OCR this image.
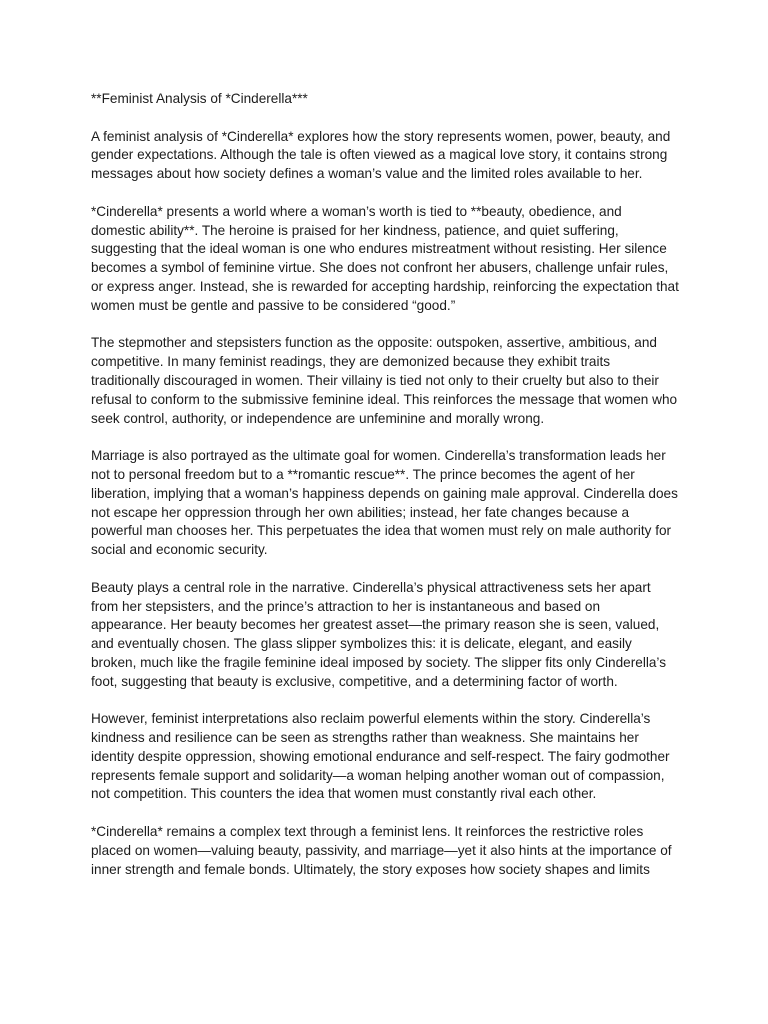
**Feminist Analysis of *Cinderella***

A feminist analysis of *Cinderella* explores how the story represents women, power, beauty, and gender expectations. Although the tale is often viewed as a magical love story, it contains strong messages about how society defines a woman’s value and the limited roles available to her.

*Cinderella* presents a world where a woman’s worth is tied to **beauty, obedience, and domestic ability**. The heroine is praised for her kindness, patience, and quiet suffering, suggesting that the ideal woman is one who endures mistreatment without resisting. Her silence becomes a symbol of feminine virtue. She does not confront her abusers, challenge unfair rules, or express anger. Instead, she is rewarded for accepting hardship, reinforcing the expectation that women must be gentle and passive to be considered “good.”

The stepmother and stepsisters function as the opposite: outspoken, assertive, ambitious, and competitive. In many feminist readings, they are demonized because they exhibit traits traditionally discouraged in women. Their villainy is tied not only to their cruelty but also to their refusal to conform to the submissive feminine ideal. This reinforces the message that women who seek control, authority, or independence are unfeminine and morally wrong.

Marriage is also portrayed as the ultimate goal for women. Cinderella’s transformation leads her not to personal freedom but to a **romantic rescue**. The prince becomes the agent of her liberation, implying that a woman’s happiness depends on gaining male approval. Cinderella does not escape her oppression through her own abilities; instead, her fate changes because a powerful man chooses her. This perpetuates the idea that women must rely on male authority for social and economic security.

Beauty plays a central role in the narrative. Cinderella’s physical attractiveness sets her apart from her stepsisters, and the prince’s attraction to her is instantaneous and based on appearance. Her beauty becomes her greatest asset—the primary reason she is seen, valued, and eventually chosen. The glass slipper symbolizes this: it is delicate, elegant, and easily broken, much like the fragile feminine ideal imposed by society. The slipper fits only Cinderella’s foot, suggesting that beauty is exclusive, competitive, and a determining factor of worth.

However, feminist interpretations also reclaim powerful elements within the story. Cinderella’s kindness and resilience can be seen as strengths rather than weakness. She maintains her identity despite oppression, showing emotional endurance and self-respect. The fairy godmother represents female support and solidarity—a woman helping another woman out of compassion, not competition. This counters the idea that women must constantly rival each other.

*Cinderella* remains a complex text through a feminist lens. It reinforces the restrictive roles placed on women—valuing beauty, passivity, and marriage—yet it also hints at the importance of inner strength and female bonds. Ultimately, the story exposes how society shapes and limits
